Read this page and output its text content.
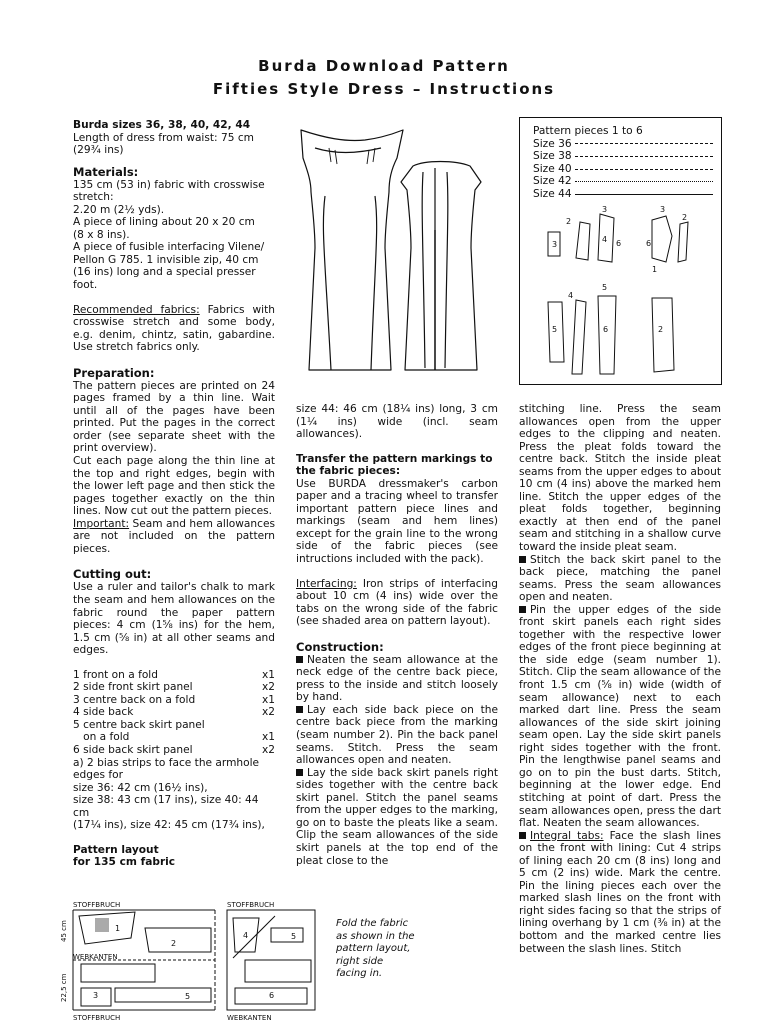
Burda Download Pattern
Fifties Style Dress – Instructions

Burda sizes 36, 38, 40, 42, 44

Length of dress from waist: 75 cm

(29¾ ins)

Materials:

135 cm (53 in) fabric with crosswise

stretch:

2.20 m (2½ yds).

A piece of lining about 20 x 20 cm

(8 x 8 ins).

A piece of fusible interfacing Vilene/

Pellon G 785. 1 invisible zip, 40 cm

(16 ins) long and a special presser

foot.

Recommended fabrics: Fabrics with crosswise stretch and some body, e.g. denim, chintz, satin, gabardine. Use stretch fabrics only.

Preparation:

The pattern pieces are printed on 24 pages framed by a thin line. Wait until all of the pages have been printed. Put the pages in the correct order (see separate sheet with the print overview).

Cut each page along the thin line at the top and right edges, begin with the lower left page and then stick the pages together exactly on the thin lines. Now cut out the pattern pieces.

Important: Seam and hem allowances are not included on the pattern pieces.

Cutting out:

Use a ruler and tailor's chalk to mark the seam and hem allowances on the fabric round the paper pattern pieces: 4 cm (1⅝ ins) for the hem, 1.5 cm (⅝ in) at all other seams and edges.

1 front on a fold	x1
2 side front skirt panel	x2
3 centre back on a fold	x1
4 side back	x2
5 centre back skirt panel
on a fold	x1
6 side back skirt panel	x2

a) 2 bias strips to face the armhole

edges for

size 36: 42 cm (16½ ins),

size 38: 43 cm (17 ins), size 40: 44 cm

(17¼ ins), size 42: 45 cm (17¾ ins),

Pattern layout

for 135 cm fabric

Pattern pieces 1 to 6
Size 36
Size 38
Size 40
Size 42
Size 44
3
2
3
4 6
3
6
2
1
5
4
6
5
2

size 44: 46 cm (18¼ ins) long, 3 cm (1¼ ins) wide (incl. seam allowances).

Transfer the pattern markings to the fabric pieces:

Use BURDA dressmaker's carbon paper and a tracing wheel to transfer important pattern piece lines and markings (seam and hem lines) except for the grain line to the wrong side of the fabric pieces (see intructions included with the pack).

Interfacing: Iron strips of interfacing about 10 cm (4 ins) wide over the tabs on the wrong side of the fabric (see shaded area on pattern layout).

Construction:

Neaten the seam allowance at the neck edge of the centre back piece, press to the inside and stitch loosely by hand.

Lay each side back piece on the centre back piece from the marking (seam number 2). Pin the back panel seams. Stitch. Press the seam allowances open and neaten.

Lay the side back skirt panels right sides together with the centre back skirt panel. Stitch the panel seams from the upper edges to the marking, go on to baste the pleats like a seam. Clip the seam allowances of the side skirt panels at the top end of the pleat close to the

stitching line. Press the seam allowances open from the upper edges to the clipping and neaten. Press the pleat folds toward the centre back. Stitch the inside pleat seams from the upper edges to about 10 cm (4 ins) above the marked hem line. Stitch the upper edges of the pleat folds together, beginning exactly at then end of the panel seam and stitching in a shallow curve toward the inside pleat seam.

Stitch the back skirt panel to the back piece, matching the panel seams. Press the seam allowances open and neaten.

Pin the upper edges of the side front skirt panels each right sides together with the respective lower edges of the front piece beginning at the side edge (seam number 1). Stitch. Clip the seam allowance of the front 1.5 cm (⅝ in) wide (width of seam allowance) next to each marked dart line. Press the seam allowances of the side skirt joining seam open. Lay the side skirt panels right sides together with the front. Pin the lengthwise panel seams and go on to pin the bust darts. Stitch, beginning at the lower edge. End stitching at point of dart. Press the seam allowances open, press the dart flat. Neaten the seam allowances.

Integral tabs: Face the slash lines on the front with lining: Cut 4 strips of lining each 20 cm (8 ins) long and 5 cm (2 ins) wide. Mark the centre. Pin the lining pieces each over the marked slash lines on the front with right sides facing so that the strips of lining overhang by 1 cm (⅜ in) at the bottom and the marked centre lies between the slash lines. Stitch

STOFFBRUCH	STOFFBRUCH
WEBKANTEN
STOFFBRUCH	WEBKANTEN
45 cm
22,5 cm
1
2
3	5
4	5
6
Fold the fabric
as shown in the
pattern layout,
right side
facing in.
